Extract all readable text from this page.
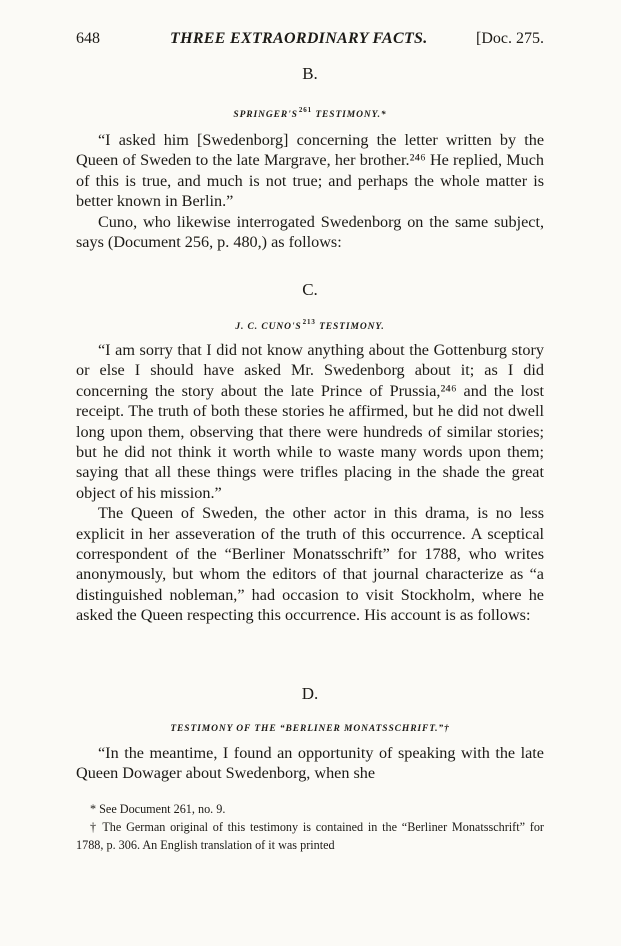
648	THREE EXTRAORDINARY FACTS.	[Doc. 275.
B.
$SPRINGER'S^{261}$ TESTIMONY.*

“I asked him [Swedenborg] concerning the letter written by the Queen of Sweden to the late Margrave, her brother.²⁴⁶ He replied, Much of this is true, and much is not true; and perhaps the whole matter is better known in Berlin.”

Cuno, who likewise interrogated Swedenborg on the same subject, says (Document 256, p. 480,) as follows:

C.
J. C. $CUNO'S^{213}$ TESTIMONY.

“I am sorry that I did not know anything about the Gottenburg story or else I should have asked Mr. Swedenborg about it; as I did concerning the story about the late Prince of Prussia,²⁴⁶ and the lost receipt. The truth of both these stories he affirmed, but he did not dwell long upon them, observing that there were hundreds of similar stories; but he did not think it worth while to waste many words upon them; saying that all these things were trifles placing in the shade the great object of his mission.”

The Queen of Sweden, the other actor in this drama, is no less explicit in her asseveration of the truth of this occurrence. A sceptical correspondent of the “Berliner Monatsschrift” for 1788, who writes anonymously, but whom the editors of that journal characterize as “a distinguished nobleman,” had occasion to visit Stockholm, where he asked the Queen respecting this occurrence. His account is as follows:

D.
TESTIMONY OF THE “BERLINER MONATSSCHRIFT.”†

“In the meantime, I found an opportunity of speaking with the late Queen Dowager about Swedenborg, when she

* See Document 261, no. 9.

† The German original of this testimony is contained in the “Berliner Monatsschrift” for 1788, p. 306. An English translation of it was printed
